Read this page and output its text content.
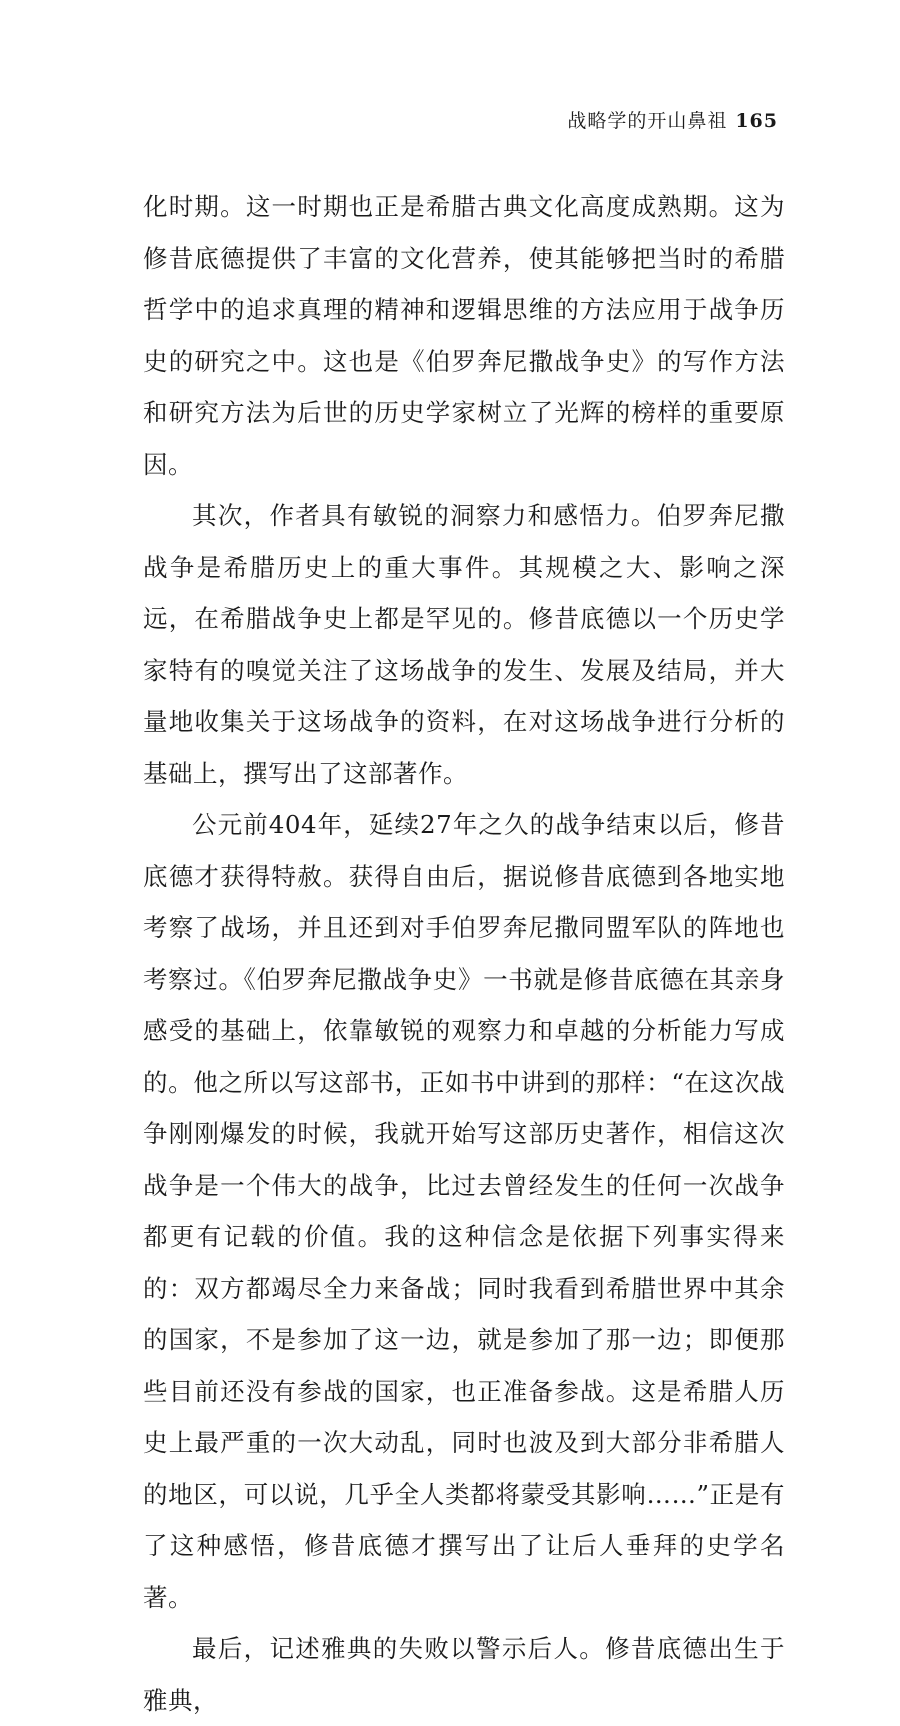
战略学的开山鼻祖 165

化时期。这一时期也正是希腊古典文化高度成熟期。这为修昔底德提供了丰富的文化营养，使其能够把当时的希腊哲学中的追求真理的精神和逻辑思维的方法应用于战争历史的研究之中。这也是《伯罗奔尼撒战争史》的写作方法和研究方法为后世的历史学家树立了光辉的榜样的重要原因。

其次，作者具有敏锐的洞察力和感悟力。伯罗奔尼撒战争是希腊历史上的重大事件。其规模之大、影响之深远，在希腊战争史上都是罕见的。修昔底德以一个历史学家特有的嗅觉关注了这场战争的发生、发展及结局，并大量地收集关于这场战争的资料，在对这场战争进行分析的基础上，撰写出了这部著作。

公元前404年，延续27年之久的战争结束以后，修昔底德才获得特赦。获得自由后，据说修昔底德到各地实地考察了战场，并且还到对手伯罗奔尼撒同盟军队的阵地也考察过。《伯罗奔尼撒战争史》一书就是修昔底德在其亲身感受的基础上，依靠敏锐的观察力和卓越的分析能力写成的。他之所以写这部书，正如书中讲到的那样：“在这次战争刚刚爆发的时候，我就开始写这部历史著作，相信这次战争是一个伟大的战争，比过去曾经发生的任何一次战争都更有记载的价值。我的这种信念是依据下列事实得来的：双方都竭尽全力来备战；同时我看到希腊世界中其余的国家，不是参加了这一边，就是参加了那一边；即便那些目前还没有参战的国家，也正准备参战。这是希腊人历史上最严重的一次大动乱，同时也波及到大部分非希腊人的地区，可以说，几乎全人类都将蒙受其影响……”正是有了这种感悟，修昔底德才撰写出了让后人垂拜的史学名著。

最后，记述雅典的失败以警示后人。修昔底德出生于雅典，
